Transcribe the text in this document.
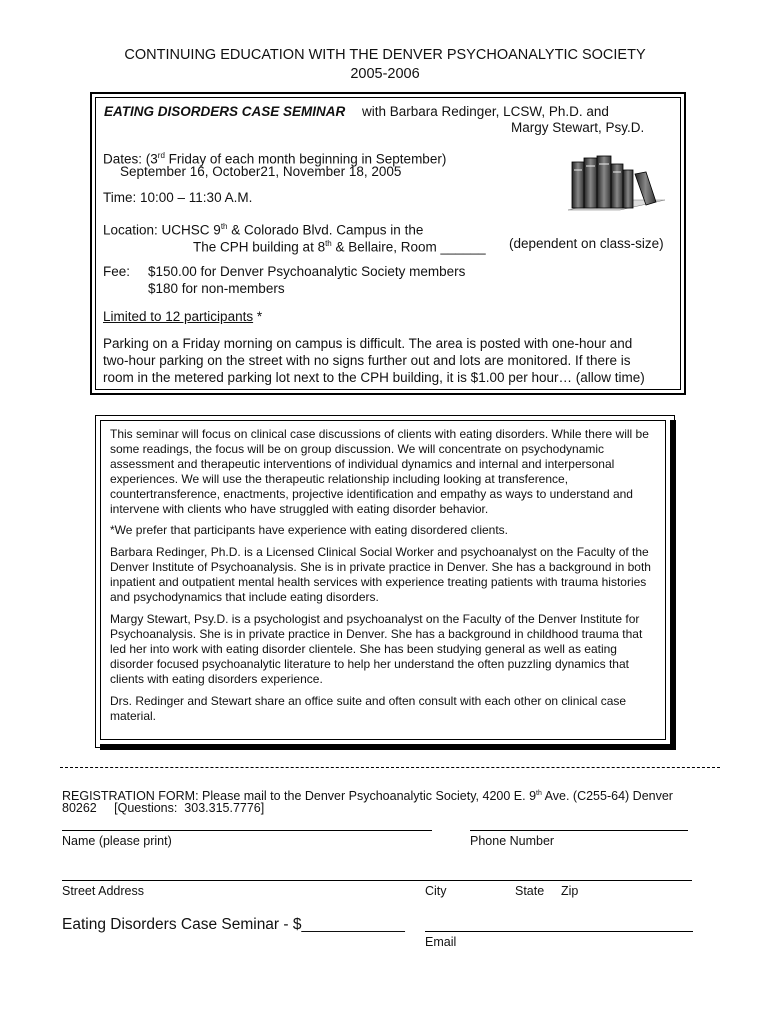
CONTINUING EDUCATION WITH THE DENVER PSYCHOANALYTIC SOCIETY
2005-2006
EATING DISORDERS CASE SEMINAR with Barbara Redinger, LCSW, Ph.D. and
Margy Stewart, Psy.D.
Dates: (3rd Friday of each month beginning in September)
September 16, October21, November 18, 2005
Time: 10:00 – 11:30 A.M.
Location: UCHSC 9th & Colorado Blvd. Campus in the
The CPH building at 8th & Bellaire, Room ______ (dependent on class-size)
Fee: $150.00 for Denver Psychoanalytic Society members
$180 for non-members
Limited to 12 participants *
Parking on a Friday morning on campus is difficult. The area is posted with one-hour and
two-hour parking on the street with no signs further out and lots are monitored. If there is
room in the metered parking lot next to the CPH building, it is $1.00 per hour… (allow time)

This seminar will focus on clinical case discussions of clients with eating disorders. While there will be some readings, the focus will be on group discussion. We will concentrate on psychodynamic assessment and therapeutic interventions of individual dynamics and internal and interpersonal experiences. We will use the therapeutic relationship including looking at transference, countertransference, enactments, projective identification and empathy as ways to understand and intervene with clients who have struggled with eating disorder behavior.

*We prefer that participants have experience with eating disordered clients.

Barbara Redinger, Ph.D. is a Licensed Clinical Social Worker and psychoanalyst on the Faculty of the Denver Institute of Psychoanalysis. She is in private practice in Denver. She has a background in both inpatient and outpatient mental health services with experience treating patients with trauma histories and psychodynamics that include eating disorders.

Margy Stewart, Psy.D. is a psychologist and psychoanalyst on the Faculty of the Denver Institute for Psychoanalysis. She is in private practice in Denver. She has a background in childhood trauma that led her into work with eating disorder clientele. She has been studying general as well as eating disorder focused psychoanalytic literature to help her understand the often puzzling dynamics that clients with eating disorders experience.

Drs. Redinger and Stewart share an office suite and often consult with each other on clinical case material.

REGISTRATION FORM: Please mail to the Denver Psychoanalytic Society, 4200 E. 9th Ave. (C255-64) Denver
80262     [Questions:  303.315.7776]
Name (please print)	Phone Number
Street Address	City	State Zip
Eating Disorders Case Seminar - $____________
Email
